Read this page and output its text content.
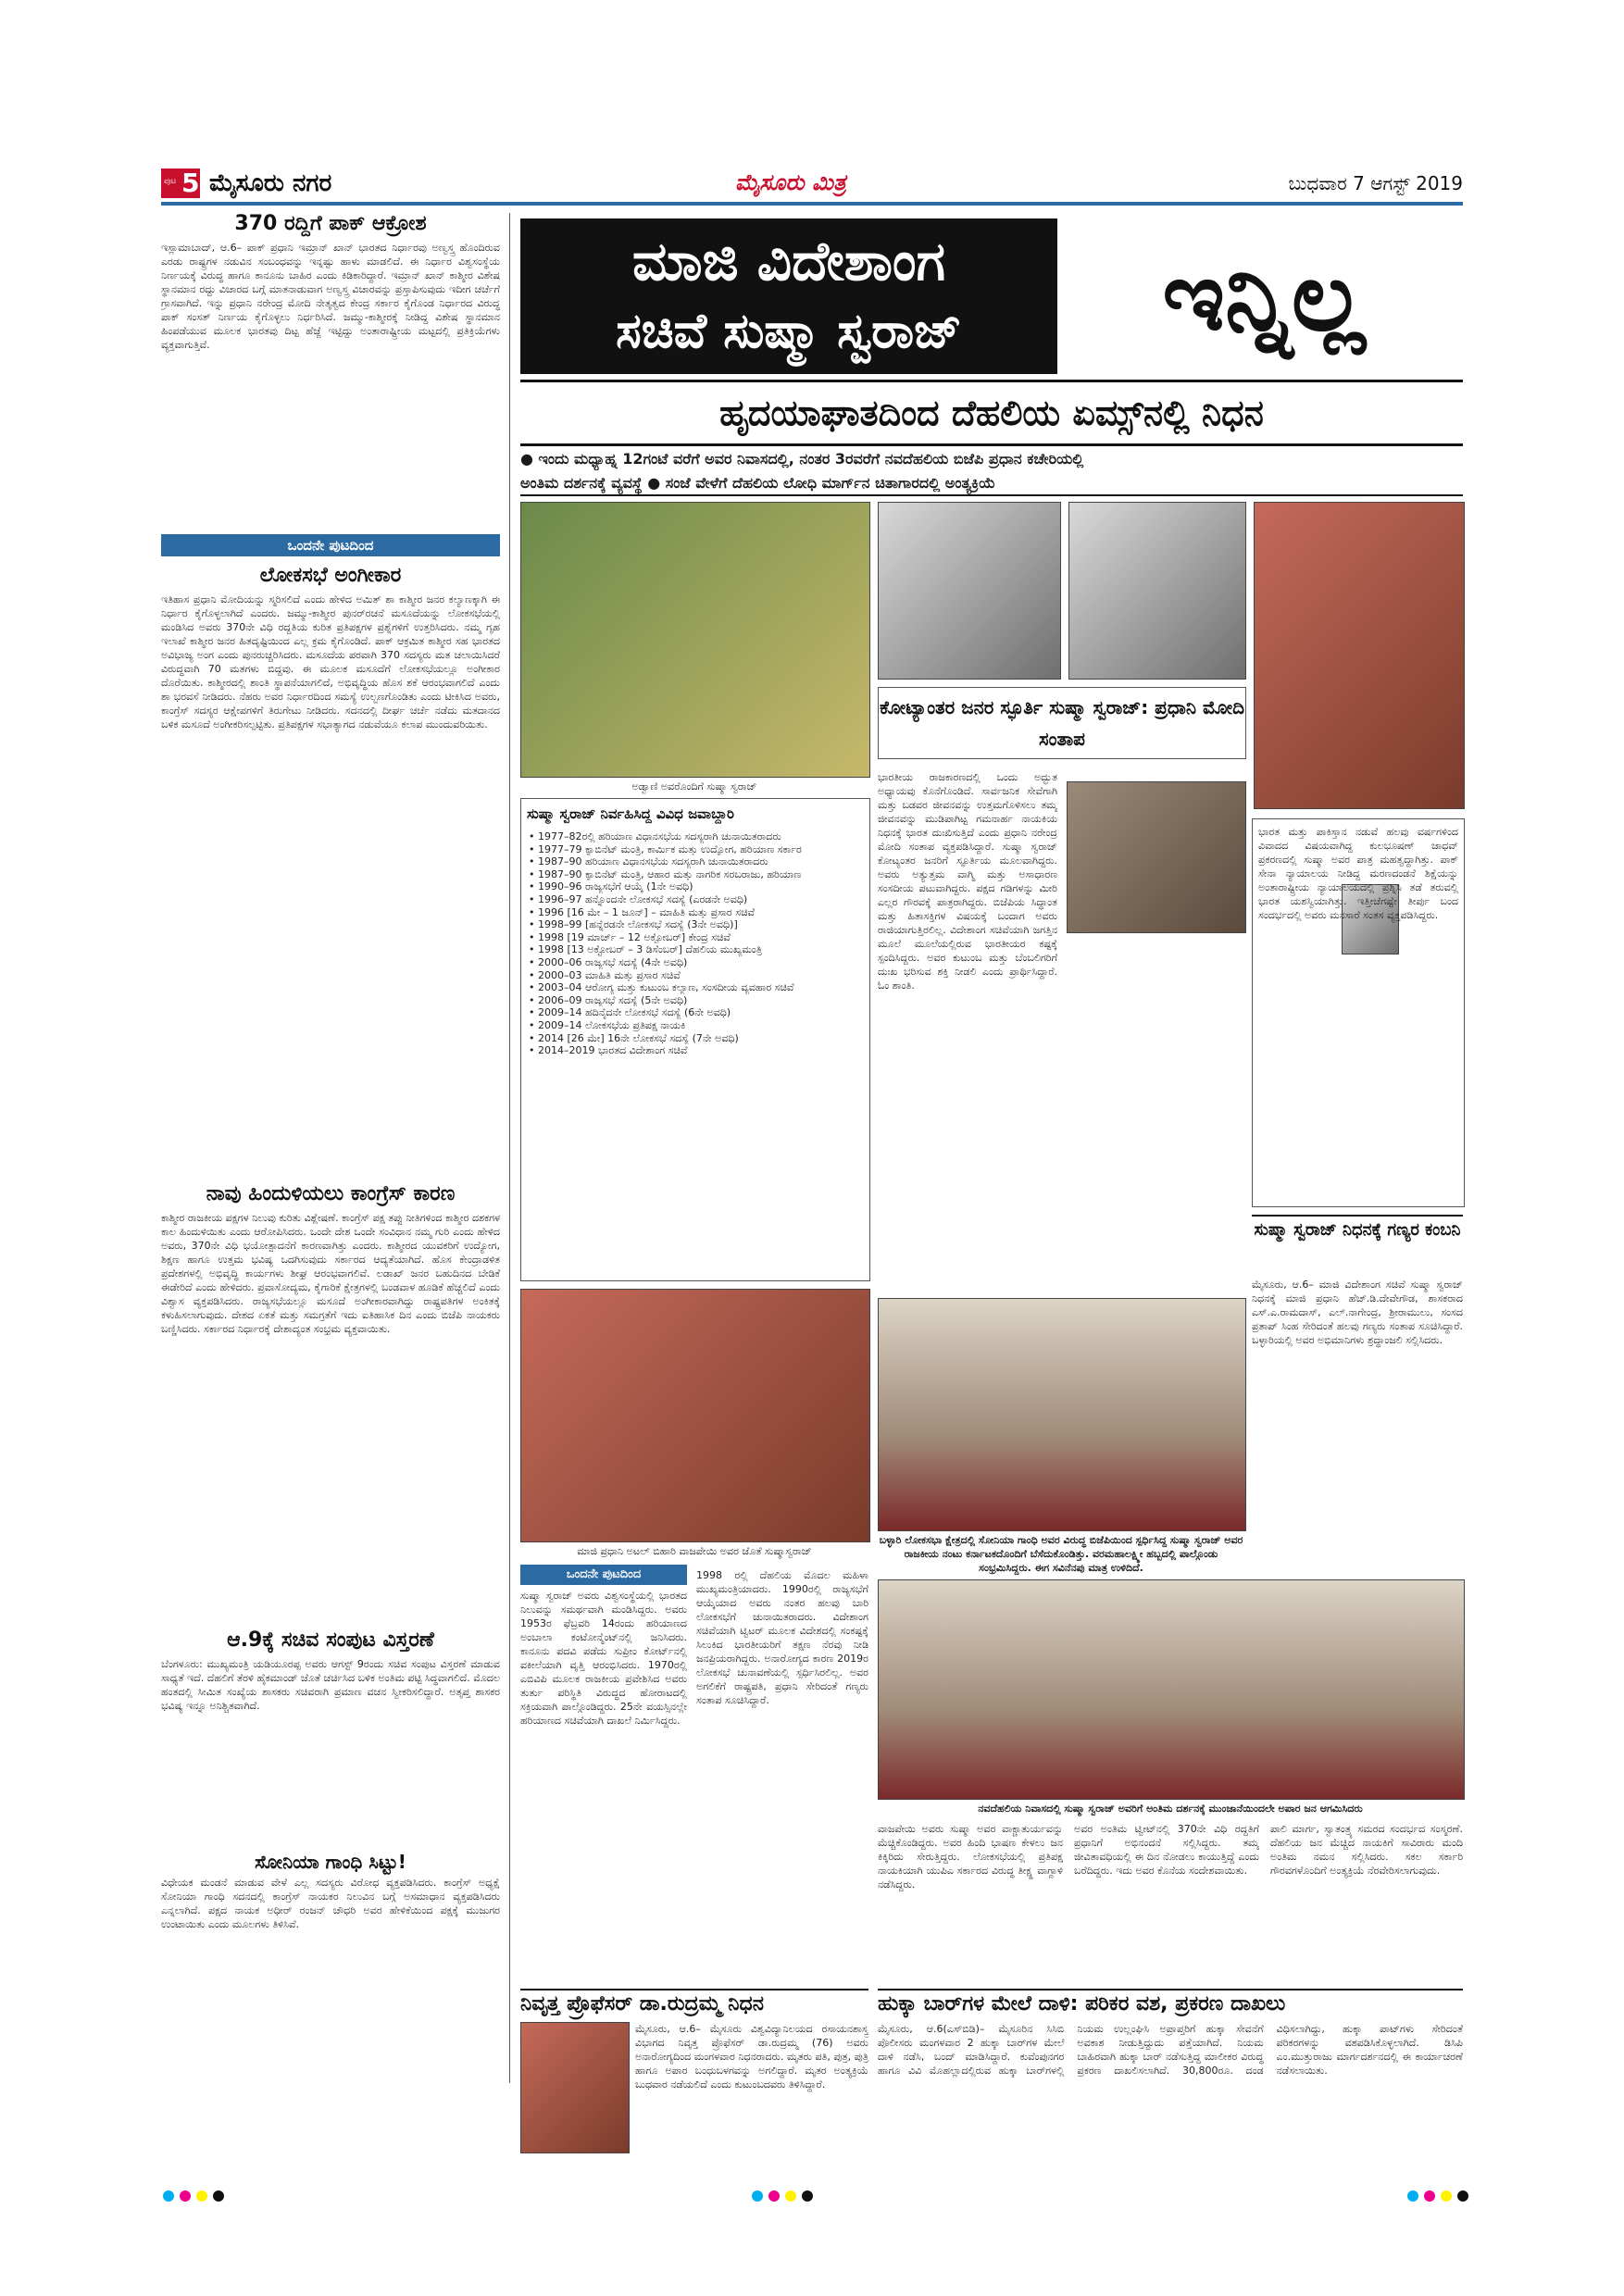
ಪುಟ 5 ಮೈಸೂರು ನಗರ	ಮೈಸೂರು ಮಿತ್ರ	ಬುಧವಾರ 7 ಆಗಸ್ಟ್ 2019
370 ರದ್ದಿಗೆ ಪಾಕ್ ಆಕ್ರೋಶ
ಇಸ್ಲಾಮಾಬಾದ್, ಆ.6– ಪಾಕ್ ಪ್ರಧಾನಿ ಇಮ್ರಾನ್ ಖಾನ್ ಭಾರತದ ನಿರ್ಧಾರವು ಅಣ್ವಸ್ತ್ರ ಹೊಂದಿರುವ ಎರಡು ರಾಷ್ಟ್ರಗಳ ನಡುವಿನ ಸಂಬಂಧವನ್ನು ಇನ್ನಷ್ಟು ಹಾಳು ಮಾಡಲಿದೆ. ಈ ನಿರ್ಧಾರ ವಿಶ್ವಸಂಸ್ಥೆಯ ನಿರ್ಣಯಕ್ಕೆ ವಿರುದ್ಧ ಹಾಗೂ ಕಾನೂನು ಬಾಹಿರ ಎಂದು ಕಿಡಿಕಾರಿದ್ದಾರೆ. ಇಮ್ರಾನ್ ಖಾನ್ ಕಾಶ್ಮೀರ ವಿಶೇಷ ಸ್ಥಾನಮಾನ ರದ್ದು ವಿಚಾರದ ಬಗ್ಗೆ ಮಾತನಾಡುವಾಗ ಅಣ್ವಸ್ತ್ರ ವಿಚಾರವನ್ನು ಪ್ರಸ್ತಾಪಿಸುವುದು ಇದೀಗ ಚರ್ಚೆಗೆ ಗ್ರಾಸವಾಗಿದೆ. ಇನ್ನು ಪ್ರಧಾನಿ ನರೇಂದ್ರ ಮೋದಿ ನೇತೃತ್ವದ ಕೇಂದ್ರ ಸರ್ಕಾರ ಕೈಗೊಂಡ ನಿರ್ಧಾರದ ವಿರುದ್ಧ ಪಾಕ್ ಸಂಸತ್ ನಿರ್ಣಯ ಕೈಗೊಳ್ಳಲು ನಿರ್ಧರಿಸಿದೆ. ಜಮ್ಮು-ಕಾಶ್ಮೀರಕ್ಕೆ ನೀಡಿದ್ದ ವಿಶೇಷ ಸ್ಥಾನಮಾನ ಹಿಂಪಡೆಯುವ ಮೂಲಕ ಭಾರತವು ದಿಟ್ಟ ಹೆಜ್ಜೆ ಇಟ್ಟಿದ್ದು ಅಂತಾರಾಷ್ಟ್ರೀಯ ಮಟ್ಟದಲ್ಲಿ ಪ್ರತಿಕ್ರಿಯೆಗಳು ವ್ಯಕ್ತವಾಗುತ್ತಿವೆ.
ಒಂದನೇ ಪುಟದಿಂದ
ಲೋಕಸಭೆ ಅಂಗೀಕಾರ
ಇತಿಹಾಸ ಪ್ರಧಾನಿ ಮೋದಿಯನ್ನು ಸ್ಮರಿಸಲಿದೆ ಎಂದು ಹೇಳಿದ ಅಮಿತ್ ಶಾ ಕಾಶ್ಮೀರ ಜನರ ಕಲ್ಯಾಣಕ್ಕಾಗಿ ಈ ನಿರ್ಧಾರ ಕೈಗೊಳ್ಳಲಾಗಿದೆ ಎಂದರು. ಜಮ್ಮು-ಕಾಶ್ಮೀರ ಪುನರ್‌ರಚನೆ ಮಸೂದೆಯನ್ನು ಲೋಕಸಭೆಯಲ್ಲಿ ಮಂಡಿಸಿದ ಅವರು 370ನೇ ವಿಧಿ ರದ್ದತಿಯ ಕುರಿತ ಪ್ರತಿಪಕ್ಷಗಳ ಪ್ರಶ್ನೆಗಳಿಗೆ ಉತ್ತರಿಸಿದರು. ನಮ್ಮ ಗೃಹ ಇಲಾಖೆ ಕಾಶ್ಮೀರ ಜನರ ಹಿತದೃಷ್ಟಿಯಿಂದ ಎಲ್ಲ ಕ್ರಮ ಕೈಗೊಂಡಿದೆ. ಪಾಕ್ ಆಕ್ರಮಿತ ಕಾಶ್ಮೀರ ಸಹ ಭಾರತದ ಅವಿಭಾಜ್ಯ ಅಂಗ ಎಂದು ಪುನರುಚ್ಚರಿಸಿದರು. ಮಸೂದೆಯ ಪರವಾಗಿ 370 ಸದಸ್ಯರು ಮತ ಚಲಾಯಿಸಿದರೆ ವಿರುದ್ಧವಾಗಿ 70 ಮತಗಳು ಬಿದ್ದವು. ಈ ಮೂಲಕ ಮಸೂದೆಗೆ ಲೋಕಸಭೆಯಲ್ಲೂ ಅಂಗೀಕಾರ ದೊರೆಯಿತು. ಕಾಶ್ಮೀರದಲ್ಲಿ ಶಾಂತಿ ಸ್ಥಾಪನೆಯಾಗಲಿದೆ, ಅಭಿವೃದ್ಧಿಯ ಹೊಸ ಶಕೆ ಆರಂಭವಾಗಲಿದೆ ಎಂದು ಶಾ ಭರವಸೆ ನೀಡಿದರು. ನೆಹರು ಅವರ ನಿರ್ಧಾರದಿಂದ ಸಮಸ್ಯೆ ಉಲ್ಬಣಗೊಂಡಿತು ಎಂದು ಟೀಕಿಸಿದ ಅವರು, ಕಾಂಗ್ರೆಸ್ ಸದಸ್ಯರ ಆಕ್ಷೇಪಗಳಿಗೆ ತಿರುಗೇಟು ನೀಡಿದರು. ಸದನದಲ್ಲಿ ದೀರ್ಘ ಚರ್ಚೆ ನಡೆದು ಮತದಾನದ ಬಳಿಕ ಮಸೂದೆ ಅಂಗೀಕರಿಸಲ್ಪಟ್ಟಿತು. ಪ್ರತಿಪಕ್ಷಗಳ ಸಭಾತ್ಯಾಗದ ನಡುವೆಯೂ ಕಲಾಪ ಮುಂದುವರಿಯಿತು.
ನಾವು ಹಿಂದುಳಿಯಲು ಕಾಂಗ್ರೆಸ್ ಕಾರಣ
ಕಾಶ್ಮೀರ ರಾಜಕೀಯ ಪಕ್ಷಗಳ ನಿಲುವು ಕುರಿತು ವಿಶ್ಲೇಷಣೆ. ಕಾಂಗ್ರೆಸ್ ಪಕ್ಷ ತಪ್ಪು ನೀತಿಗಳಿಂದ ಕಾಶ್ಮೀರ ದಶಕಗಳ ಕಾಲ ಹಿಂದುಳಿಯಿತು ಎಂದು ಆರೋಪಿಸಿದರು. ಒಂದೇ ದೇಶ ಒಂದೇ ಸಂವಿಧಾನ ನಮ್ಮ ಗುರಿ ಎಂದು ಹೇಳಿದ ಅವರು, 370ನೇ ವಿಧಿ ಭಯೋತ್ಪಾದನೆಗೆ ಕಾರಣವಾಗಿತ್ತು ಎಂದರು. ಕಾಶ್ಮೀರದ ಯುವಕರಿಗೆ ಉದ್ಯೋಗ, ಶಿಕ್ಷಣ ಹಾಗೂ ಉತ್ತಮ ಭವಿಷ್ಯ ಒದಗಿಸುವುದು ಸರ್ಕಾರದ ಆದ್ಯತೆಯಾಗಿದೆ. ಹೊಸ ಕೇಂದ್ರಾಡಳಿತ ಪ್ರದೇಶಗಳಲ್ಲಿ ಅಭಿವೃದ್ಧಿ ಕಾರ್ಯಗಳು ಶೀಘ್ರ ಆರಂಭವಾಗಲಿವೆ. ಲಡಾಖ್ ಜನರ ಬಹುದಿನದ ಬೇಡಿಕೆ ಈಡೇರಿದೆ ಎಂದು ಹೇಳಿದರು. ಪ್ರವಾಸೋದ್ಯಮ, ಕೈಗಾರಿಕೆ ಕ್ಷೇತ್ರಗಳಲ್ಲಿ ಬಂಡವಾಳ ಹೂಡಿಕೆ ಹೆಚ್ಚಲಿದೆ ಎಂದು ವಿಶ್ವಾಸ ವ್ಯಕ್ತಪಡಿಸಿದರು. ರಾಜ್ಯಸಭೆಯಲ್ಲೂ ಮಸೂದೆ ಅಂಗೀಕಾರವಾಗಿದ್ದು ರಾಷ್ಟ್ರಪತಿಗಳ ಅಂಕಿತಕ್ಕೆ ಕಳುಹಿಸಲಾಗುವುದು. ದೇಶದ ಏಕತೆ ಮತ್ತು ಸಮಗ್ರತೆಗೆ ಇದು ಐತಿಹಾಸಿಕ ದಿನ ಎಂದು ಬಿಜೆಪಿ ನಾಯಕರು ಬಣ್ಣಿಸಿದರು. ಸರ್ಕಾರದ ನಿರ್ಧಾರಕ್ಕೆ ದೇಶಾದ್ಯಂತ ಸಂಭ್ರಮ ವ್ಯಕ್ತವಾಯಿತು.
ಆ.9ಕ್ಕೆ ಸಚಿವ ಸಂಪುಟ ವಿಸ್ತರಣೆ
ಬೆಂಗಳೂರು: ಮುಖ್ಯಮಂತ್ರಿ ಯಡಿಯೂರಪ್ಪ ಅವರು ಆಗಸ್ಟ್ 9ರಂದು ಸಚಿವ ಸಂಪುಟ ವಿಸ್ತರಣೆ ಮಾಡುವ ಸಾಧ್ಯತೆ ಇದೆ. ದೆಹಲಿಗೆ ತೆರಳಿ ಹೈಕಮಾಂಡ್ ಜೊತೆ ಚರ್ಚಿಸಿದ ಬಳಿಕ ಅಂತಿಮ ಪಟ್ಟಿ ಸಿದ್ಧವಾಗಲಿದೆ. ಮೊದಲ ಹಂತದಲ್ಲಿ ಸೀಮಿತ ಸಂಖ್ಯೆಯ ಶಾಸಕರು ಸಚಿವರಾಗಿ ಪ್ರಮಾಣ ವಚನ ಸ್ವೀಕರಿಸಲಿದ್ದಾರೆ. ಅತೃಪ್ತ ಶಾಸಕರ ಭವಿಷ್ಯ ಇನ್ನೂ ಅನಿಶ್ಚಿತವಾಗಿದೆ.
ಸೋನಿಯಾ ಗಾಂಧಿ ಸಿಟ್ಟು!
ವಿಧೇಯಕ ಮಂಡನೆ ಮಾಡುವ ವೇಳೆ ಎಲ್ಲ ಸದಸ್ಯರು ವಿರೋಧ ವ್ಯಕ್ತಪಡಿಸಿದರು. ಕಾಂಗ್ರೆಸ್ ಅಧ್ಯಕ್ಷೆ ಸೋನಿಯಾ ಗಾಂಧಿ ಸದನದಲ್ಲಿ ಕಾಂಗ್ರೆಸ್ ನಾಯಕರ ನಿಲುವಿನ ಬಗ್ಗೆ ಅಸಮಾಧಾನ ವ್ಯಕ್ತಪಡಿಸಿದರು ಎನ್ನಲಾಗಿದೆ. ಪಕ್ಷದ ನಾಯಕ ಅಧೀರ್ ರಂಜನ್ ಚೌಧರಿ ಅವರ ಹೇಳಿಕೆಯಿಂದ ಪಕ್ಷಕ್ಕೆ ಮುಜುಗರ ಉಂಟಾಯಿತು ಎಂದು ಮೂಲಗಳು ತಿಳಿಸಿವೆ.
ಮಾಜಿ ವಿದೇಶಾಂಗ
ಸಚಿವೆ ಸುಷ್ಮಾ ಸ್ವರಾಜ್	ಇನ್ನಿಲ್ಲ
ಹೃದಯಾಘಾತದಿಂದ ದೆಹಲಿಯ ಏಮ್ಸ್‌ನಲ್ಲಿ ನಿಧನ
● ಇಂದು ಮಧ್ಯಾಹ್ನ 12ಗಂಟೆ ವರೆಗೆ ಅವರ ನಿವಾಸದಲ್ಲಿ, ನಂತರ 3ರವರೆಗೆ ನವದೆಹಲಿಯ ಬಿಜೆಪಿ ಪ್ರಧಾನ ಕಚೇರಿಯಲ್ಲಿ
ಅಂತಿಮ ದರ್ಶನಕ್ಕೆ ವ್ಯವಸ್ಥೆ ● ಸಂಜೆ ವೇಳೆಗೆ ದೆಹಲಿಯ ಲೋಧಿ ಮಾರ್ಗ್‌ನ ಚಿತಾಗಾರದಲ್ಲಿ ಅಂತ್ಯಕ್ರಿಯೆ
ಅಡ್ವಾಣಿ ಅವರೊಂದಿಗೆ ಸುಷ್ಮಾ ಸ್ವರಾಜ್
ಸುಷ್ಮಾ ಸ್ವರಾಜ್ ನಿರ್ವಹಿಸಿದ್ದ ವಿವಿಧ ಜವಾಬ್ದಾರಿ
• 1977–82ರಲ್ಲಿ ಹರಿಯಾಣ ವಿಧಾನಸಭೆಯ ಸದಸ್ಯರಾಗಿ ಚುನಾಯಿತರಾದರು
• 1977–79 ಕ್ಯಾಬಿನೆಟ್ ಮಂತ್ರಿ, ಕಾರ್ಮಿಕ ಮತ್ತು ಉದ್ಯೋಗ, ಹರಿಯಾಣ ಸರ್ಕಾರ
• 1987–90 ಹರಿಯಾಣ ವಿಧಾನಸಭೆಯ ಸದಸ್ಯರಾಗಿ ಚುನಾಯಿತರಾದರು
• 1987–90 ಕ್ಯಾಬಿನೆಟ್ ಮಂತ್ರಿ, ಆಹಾರ ಮತ್ತು ನಾಗರಿಕ ಸರಬರಾಜು, ಹರಿಯಾಣ
• 1990–96 ರಾಜ್ಯಸಭೆಗೆ ಆಯ್ಕೆ (1ನೇ ಅವಧಿ)
• 1996–97 ಹನ್ನೊಂದನೇ ಲೋಕಸಭೆ ಸದಸ್ಯೆ (ಎರಡನೇ ಅವಧಿ)
• 1996 [16 ಮೇ – 1 ಜೂನ್] – ಮಾಹಿತಿ ಮತ್ತು ಪ್ರಸಾರ ಸಚಿವೆ
• 1998–99 [ಹನ್ನೆರಡನೇ ಲೋಕಸಭೆ ಸದಸ್ಯೆ (3ನೇ ಅವಧಿ)]
• 1998 [19 ಮಾರ್ಚ್ – 12 ಅಕ್ಟೋಬರ್] ಕೇಂದ್ರ ಸಚಿವೆ
• 1998 [13 ಅಕ್ಟೋಬರ್ – 3 ಡಿಸೆಂಬರ್] ದೆಹಲಿಯ ಮುಖ್ಯಮಂತ್ರಿ
• 2000–06 ರಾಜ್ಯಸಭೆ ಸದಸ್ಯೆ (4ನೇ ಅವಧಿ)
• 2000–03 ಮಾಹಿತಿ ಮತ್ತು ಪ್ರಸಾರ ಸಚಿವೆ
• 2003–04 ಆರೋಗ್ಯ ಮತ್ತು ಕುಟುಂಬ ಕಲ್ಯಾಣ, ಸಂಸದೀಯ ವ್ಯವಹಾರ ಸಚಿವೆ
• 2006–09 ರಾಜ್ಯಸಭೆ ಸದಸ್ಯೆ (5ನೇ ಅವಧಿ)
• 2009–14 ಹದಿನೈದನೇ ಲೋಕಸಭೆ ಸದಸ್ಯೆ (6ನೇ ಅವಧಿ)
• 2009–14 ಲೋಕಸಭೆಯ ಪ್ರತಿಪಕ್ಷ ನಾಯಕಿ
• 2014 [26 ಮೇ] 16ನೇ ಲೋಕಸಭೆ ಸದಸ್ಯೆ (7ನೇ ಅವಧಿ)
• 2014–2019 ಭಾರತದ ವಿದೇಶಾಂಗ ಸಚಿವೆ
ಕೋಟ್ಯಾಂತರ ಜನರ ಸ್ಫೂರ್ತಿ ಸುಷ್ಮಾ ಸ್ವರಾಜ್: ಪ್ರಧಾನಿ ಮೋದಿ ಸಂತಾಪ
ಭಾರತೀಯ ರಾಜಕಾರಣದಲ್ಲಿ ಒಂದು ಅದ್ಭುತ ಅಧ್ಯಾಯವು ಕೊನೆಗೊಂಡಿದೆ. ಸಾರ್ವಜನಿಕ ಸೇವೆಗಾಗಿ ಮತ್ತು ಬಡವರ ಜೀವನವನ್ನು ಉತ್ತಮಗೊಳಿಸಲು ತಮ್ಮ ಜೀವನವನ್ನು ಮುಡಿಪಾಗಿಟ್ಟ ಗಮನಾರ್ಹ ನಾಯಕಿಯ ನಿಧನಕ್ಕೆ ಭಾರತ ದುಃಖಿಸುತ್ತಿದೆ ಎಂದು ಪ್ರಧಾನಿ ನರೇಂದ್ರ ಮೋದಿ ಸಂತಾಪ ವ್ಯಕ್ತಪಡಿಸಿದ್ದಾರೆ. ಸುಷ್ಮಾ ಸ್ವರಾಜ್ ಕೋಟ್ಯಂತರ ಜನರಿಗೆ ಸ್ಫೂರ್ತಿಯ ಮೂಲವಾಗಿದ್ದರು. ಅವರು ಅತ್ಯುತ್ತಮ ವಾಗ್ಮಿ ಮತ್ತು ಅಸಾಧಾರಣ ಸಂಸದೀಯ ಪಟುವಾಗಿದ್ದರು. ಪಕ್ಷದ ಗಡಿಗಳನ್ನು ಮೀರಿ ಎಲ್ಲರ ಗೌರವಕ್ಕೆ ಪಾತ್ರರಾಗಿದ್ದರು. ಬಿಜೆಪಿಯ ಸಿದ್ಧಾಂತ ಮತ್ತು ಹಿತಾಸಕ್ತಿಗಳ ವಿಷಯಕ್ಕೆ ಬಂದಾಗ ಅವರು ರಾಜಿಯಾಗುತ್ತಿರಲಿಲ್ಲ. ವಿದೇಶಾಂಗ ಸಚಿವೆಯಾಗಿ ಜಗತ್ತಿನ ಮೂಲೆ ಮೂಲೆಯಲ್ಲಿರುವ ಭಾರತೀಯರ ಕಷ್ಟಕ್ಕೆ ಸ್ಪಂದಿಸಿದ್ದರು. ಅವರ ಕುಟುಂಬ ಮತ್ತು ಬೆಂಬಲಿಗರಿಗೆ ದುಃಖ ಭರಿಸುವ ಶಕ್ತಿ ನೀಡಲಿ ಎಂದು ಪ್ರಾರ್ಥಿಸಿದ್ದಾರೆ. ಓಂ ಶಾಂತಿ.
ಭಾರತ ಮತ್ತು ಪಾಕಿಸ್ತಾನ ನಡುವೆ ಹಲವು ವರ್ಷಗಳಿಂದ ವಿವಾದದ ವಿಷಯವಾಗಿದ್ದ ಕುಲಭೂಷಣ್ ಜಾಧವ್ ಪ್ರಕರಣದಲ್ಲಿ ಸುಷ್ಮಾ ಅವರ ಪಾತ್ರ ಮಹತ್ವದ್ದಾಗಿತ್ತು. ಪಾಕ್ ಸೇನಾ ನ್ಯಾಯಾಲಯ ನೀಡಿದ್ದ ಮರಣದಂಡನೆ ಶಿಕ್ಷೆಯನ್ನು ಅಂತಾರಾಷ್ಟ್ರೀಯ ನ್ಯಾಯಾಲಯದಲ್ಲಿ ಪ್ರಶ್ನಿಸಿ ತಡೆ ತರುವಲ್ಲಿ ಭಾರತ ಯಶಸ್ವಿಯಾಗಿತ್ತು. ಇತ್ತೀಚೆಗಷ್ಟೇ ತೀರ್ಪು ಬಂದ ಸಂದರ್ಭದಲ್ಲಿ ಅವರು ಮನಸಾರೆ ಸಂತಸ ವ್ಯಕ್ತಪಡಿಸಿದ್ದರು.
ಮಾಜಿ ಪ್ರಧಾನಿ ಅಟಲ್ ಬಿಹಾರಿ ವಾಜಪೇಯಿ ಅವರ ಜೊತೆ ಸುಷ್ಮಾಸ್ವರಾಜ್
ಬಳ್ಳಾರಿ ಲೋಕಸಭಾ ಕ್ಷೇತ್ರದಲ್ಲಿ ಸೋನಿಯಾ ಗಾಂಧಿ ಅವರ ವಿರುದ್ಧ ಬಿಜೆಪಿಯಿಂದ ಸ್ಪರ್ಧಿಸಿದ್ದ ಸುಷ್ಮಾ ಸ್ವರಾಜ್ ಅವರ ರಾಜಕೀಯ ನಂಟು ಕರ್ನಾಟಕದೊಂದಿಗೆ ಬೆಸೆದುಕೊಂಡಿತ್ತು. ವರಮಹಾಲಕ್ಷ್ಮೀ ಹಬ್ಬದಲ್ಲಿ ಪಾಲ್ಗೊಂಡು ಸಂಭ್ರಮಿಸಿದ್ದರು. ಈಗ ಸವಿನೆನಪು ಮಾತ್ರ ಉಳಿದಿದೆ.
ಸುಷ್ಮಾ ಸ್ವರಾಜ್ ನಿಧನಕ್ಕೆ ಗಣ್ಯರ ಕಂಬನಿ
ಮೈಸೂರು, ಆ.6– ಮಾಜಿ ವಿದೇಶಾಂಗ ಸಚಿವೆ ಸುಷ್ಮಾ ಸ್ವರಾಜ್ ನಿಧನಕ್ಕೆ ಮಾಜಿ ಪ್ರಧಾನಿ ಹೆಚ್.ಡಿ.ದೇವೇಗೌಡ, ಶಾಸಕರಾದ ಎಸ್.ಎ.ರಾಮದಾಸ್, ಎಲ್.ನಾಗೇಂದ್ರ, ಶ್ರೀರಾಮುಲು, ಸಂಸದ ಪ್ರತಾಪ್ ಸಿಂಹ ಸೇರಿದಂತೆ ಹಲವು ಗಣ್ಯರು ಸಂತಾಪ ಸೂಚಿಸಿದ್ದಾರೆ. ಬಳ್ಳಾರಿಯಲ್ಲಿ ಅವರ ಅಭಿಮಾನಿಗಳು ಶ್ರದ್ಧಾಂಜಲಿ ಸಲ್ಲಿಸಿದರು.
ಒಂದನೇ ಪುಟದಿಂದ
ಸುಷ್ಮಾ ಸ್ವರಾಜ್ ಅವರು ವಿಶ್ವಸಂಸ್ಥೆಯಲ್ಲಿ ಭಾರತದ ನಿಲುವನ್ನು ಸಮರ್ಥವಾಗಿ ಮಂಡಿಸಿದ್ದರು. ಅವರು 1953ರ ಫೆಬ್ರವರಿ 14ರಂದು ಹರಿಯಾಣದ ಅಂಬಾಲಾ ಕಂಟೋನ್ಮೆಂಟ್‌ನಲ್ಲಿ ಜನಿಸಿದರು. ಕಾನೂನು ಪದವಿ ಪಡೆದು ಸುಪ್ರೀಂ ಕೋರ್ಟ್‌ನಲ್ಲಿ ವಕೀಲೆಯಾಗಿ ವೃತ್ತಿ ಆರಂಭಿಸಿದರು. 1970ರಲ್ಲಿ ಎಬಿವಿಪಿ ಮೂಲಕ ರಾಜಕೀಯ ಪ್ರವೇಶಿಸಿದ ಅವರು ತುರ್ತು ಪರಿಸ್ಥಿತಿ ವಿರುದ್ಧದ ಹೋರಾಟದಲ್ಲಿ ಸಕ್ರಿಯವಾಗಿ ಪಾಲ್ಗೊಂಡಿದ್ದರು. 25ನೇ ವಯಸ್ಸಿನಲ್ಲೇ ಹರಿಯಾಣದ ಸಚಿವೆಯಾಗಿ ದಾಖಲೆ ನಿರ್ಮಿಸಿದ್ದರು.
1998 ರಲ್ಲಿ ದೆಹಲಿಯ ಮೊದಲ ಮಹಿಳಾ ಮುಖ್ಯಮಂತ್ರಿಯಾದರು. 1990ರಲ್ಲಿ ರಾಜ್ಯಸಭೆಗೆ ಆಯ್ಕೆಯಾದ ಅವರು ನಂತರ ಹಲವು ಬಾರಿ ಲೋಕಸಭೆಗೆ ಚುನಾಯಿತರಾದರು. ವಿದೇಶಾಂಗ ಸಚಿವೆಯಾಗಿ ಟ್ವಿಟರ್ ಮೂಲಕ ವಿದೇಶದಲ್ಲಿ ಸಂಕಷ್ಟಕ್ಕೆ ಸಿಲುಕಿದ ಭಾರತೀಯರಿಗೆ ತಕ್ಷಣ ನೆರವು ನೀಡಿ ಜನಪ್ರಿಯರಾಗಿದ್ದರು. ಅನಾರೋಗ್ಯದ ಕಾರಣ 2019ರ ಲೋಕಸಭೆ ಚುನಾವಣೆಯಲ್ಲಿ ಸ್ಪರ್ಧಿಸಿರಲಿಲ್ಲ. ಅವರ ಅಗಲಿಕೆಗೆ ರಾಷ್ಟ್ರಪತಿ, ಪ್ರಧಾನಿ ಸೇರಿದಂತೆ ಗಣ್ಯರು ಸಂತಾಪ ಸೂಚಿಸಿದ್ದಾರೆ.
ನವದೆಹಲಿಯ ನಿವಾಸದಲ್ಲಿ ಸುಷ್ಮಾ ಸ್ವರಾಜ್ ಅವರಿಗೆ ಅಂತಿಮ ದರ್ಶನಕ್ಕೆ ಮುಂಜಾನೆಯಿಂದಲೇ ಅಪಾರ ಜನ ಆಗಮಿಸಿದರು
ವಾಜಪೇಯಿ ಅವರು ಸುಷ್ಮಾ ಅವರ ವಾಕ್ಚಾತುರ್ಯವನ್ನು ಮೆಚ್ಚಿಕೊಂಡಿದ್ದರು. ಅವರ ಹಿಂದಿ ಭಾಷಣ ಕೇಳಲು ಜನ ಕಿಕ್ಕಿರಿದು ಸೇರುತ್ತಿದ್ದರು. ಲೋಕಸಭೆಯಲ್ಲಿ ಪ್ರತಿಪಕ್ಷ ನಾಯಕಿಯಾಗಿ ಯುಪಿಎ ಸರ್ಕಾರದ ವಿರುದ್ಧ ತೀಕ್ಷ್ಣ ವಾಗ್ದಾಳಿ ನಡೆಸಿದ್ದರು.
ಅವರ ಅಂತಿಮ ಟ್ವೀಟ್‌ನಲ್ಲಿ 370ನೇ ವಿಧಿ ರದ್ದತಿಗೆ ಪ್ರಧಾನಿಗೆ ಅಭಿನಂದನೆ ಸಲ್ಲಿಸಿದ್ದರು. ತಮ್ಮ ಜೀವಿತಾವಧಿಯಲ್ಲಿ ಈ ದಿನ ನೋಡಲು ಕಾಯುತ್ತಿದ್ದೆ ಎಂದು ಬರೆದಿದ್ದರು. ಇದು ಅವರ ಕೊನೆಯ ಸಂದೇಶವಾಯಿತು.
ಪಾಲಿ ಮಾರ್ಗ, ಸ್ವಾತಂತ್ರ್ಯ ಸಮರದ ಸಂದರ್ಭದ ಸಂಸ್ಮರಣೆ. ದೆಹಲಿಯ ಜನ ಮೆಚ್ಚಿದ ನಾಯಕಿಗೆ ಸಾವಿರಾರು ಮಂದಿ ಅಂತಿಮ ನಮನ ಸಲ್ಲಿಸಿದರು. ಸಕಲ ಸರ್ಕಾರಿ ಗೌರವಗಳೊಂದಿಗೆ ಅಂತ್ಯಕ್ರಿಯೆ ನೆರವೇರಿಸಲಾಗುವುದು.
ನಿವೃತ್ತ ಪ್ರೊಫೆಸರ್ ಡಾ.ರುದ್ರಮ್ಮ ನಿಧನ
ಮೈಸೂರು, ಆ.6– ಮೈಸೂರು ವಿಶ್ವವಿದ್ಯಾನಿಲಯದ ರಸಾಯನಶಾಸ್ತ್ರ ವಿಭಾಗದ ನಿವೃತ್ತ ಪ್ರೊಫೆಸರ್ ಡಾ.ರುದ್ರಮ್ಮ (76) ಅವರು ಅನಾರೋಗ್ಯದಿಂದ ಮಂಗಳವಾರ ನಿಧನರಾದರು. ಮೃತರು ಪತಿ, ಪುತ್ರ, ಪುತ್ರಿ ಹಾಗೂ ಅಪಾರ ಬಂಧುಬಳಗವನ್ನು ಅಗಲಿದ್ದಾರೆ. ಮೃತರ ಅಂತ್ಯಕ್ರಿಯೆ ಬುಧವಾರ ನಡೆಯಲಿದೆ ಎಂದು ಕುಟುಂಬದವರು ತಿಳಿಸಿದ್ದಾರೆ.
ಹುಕ್ಕಾ ಬಾರ್‌ಗಳ ಮೇಲೆ ದಾಳಿ: ಪರಿಕರ ವಶ, ಪ್ರಕರಣ ದಾಖಲು
ಮೈಸೂರು, ಆ.6(ಎಸ್‌ಬಿಡಿ)– ಮೈಸೂರಿನ ಸಿಸಿಬಿ ಪೊಲೀಸರು ಮಂಗಳವಾರ 2 ಹುಕ್ಕಾ ಬಾರ್‌ಗಳ ಮೇಲೆ ದಾಳಿ ನಡೆಸಿ, ಬಂದ್ ಮಾಡಿಸಿದ್ದಾರೆ. ಕುವೆಂಪುನಗರ ಹಾಗೂ ವಿವಿ ಮೊಹಲ್ಲಾದಲ್ಲಿರುವ ಹುಕ್ಕಾ ಬಾರ್‌ಗಳಲ್ಲಿ ನಿಯಮ ಉಲ್ಲಂಘಿಸಿ ಅಪ್ರಾಪ್ತರಿಗೆ ಹುಕ್ಕಾ ಸೇವನೆಗೆ ಅವಕಾಶ ನೀಡುತ್ತಿದ್ದುದು ಪತ್ತೆಯಾಗಿದೆ. ನಿಯಮ ಬಾಹಿರವಾಗಿ ಹುಕ್ಕಾ ಬಾರ್ ನಡೆಸುತ್ತಿದ್ದ ಮಾಲೀಕರ ವಿರುದ್ಧ ಪ್ರಕರಣ ದಾಖಲಿಸಲಾಗಿದೆ. 30,800ರೂ. ದಂಡ ವಿಧಿಸಲಾಗಿದ್ದು, ಹುಕ್ಕಾ ಪಾಟ್‌ಗಳು ಸೇರಿದಂತೆ ಪರಿಕರಗಳನ್ನು ವಶಪಡಿಸಿಕೊಳ್ಳಲಾಗಿದೆ. ಡಿಸಿಪಿ ಎಂ.ಮುತ್ತುರಾಜು ಮಾರ್ಗದರ್ಶನದಲ್ಲಿ ಈ ಕಾರ್ಯಾಚರಣೆ ನಡೆಸಲಾಯಿತು.
